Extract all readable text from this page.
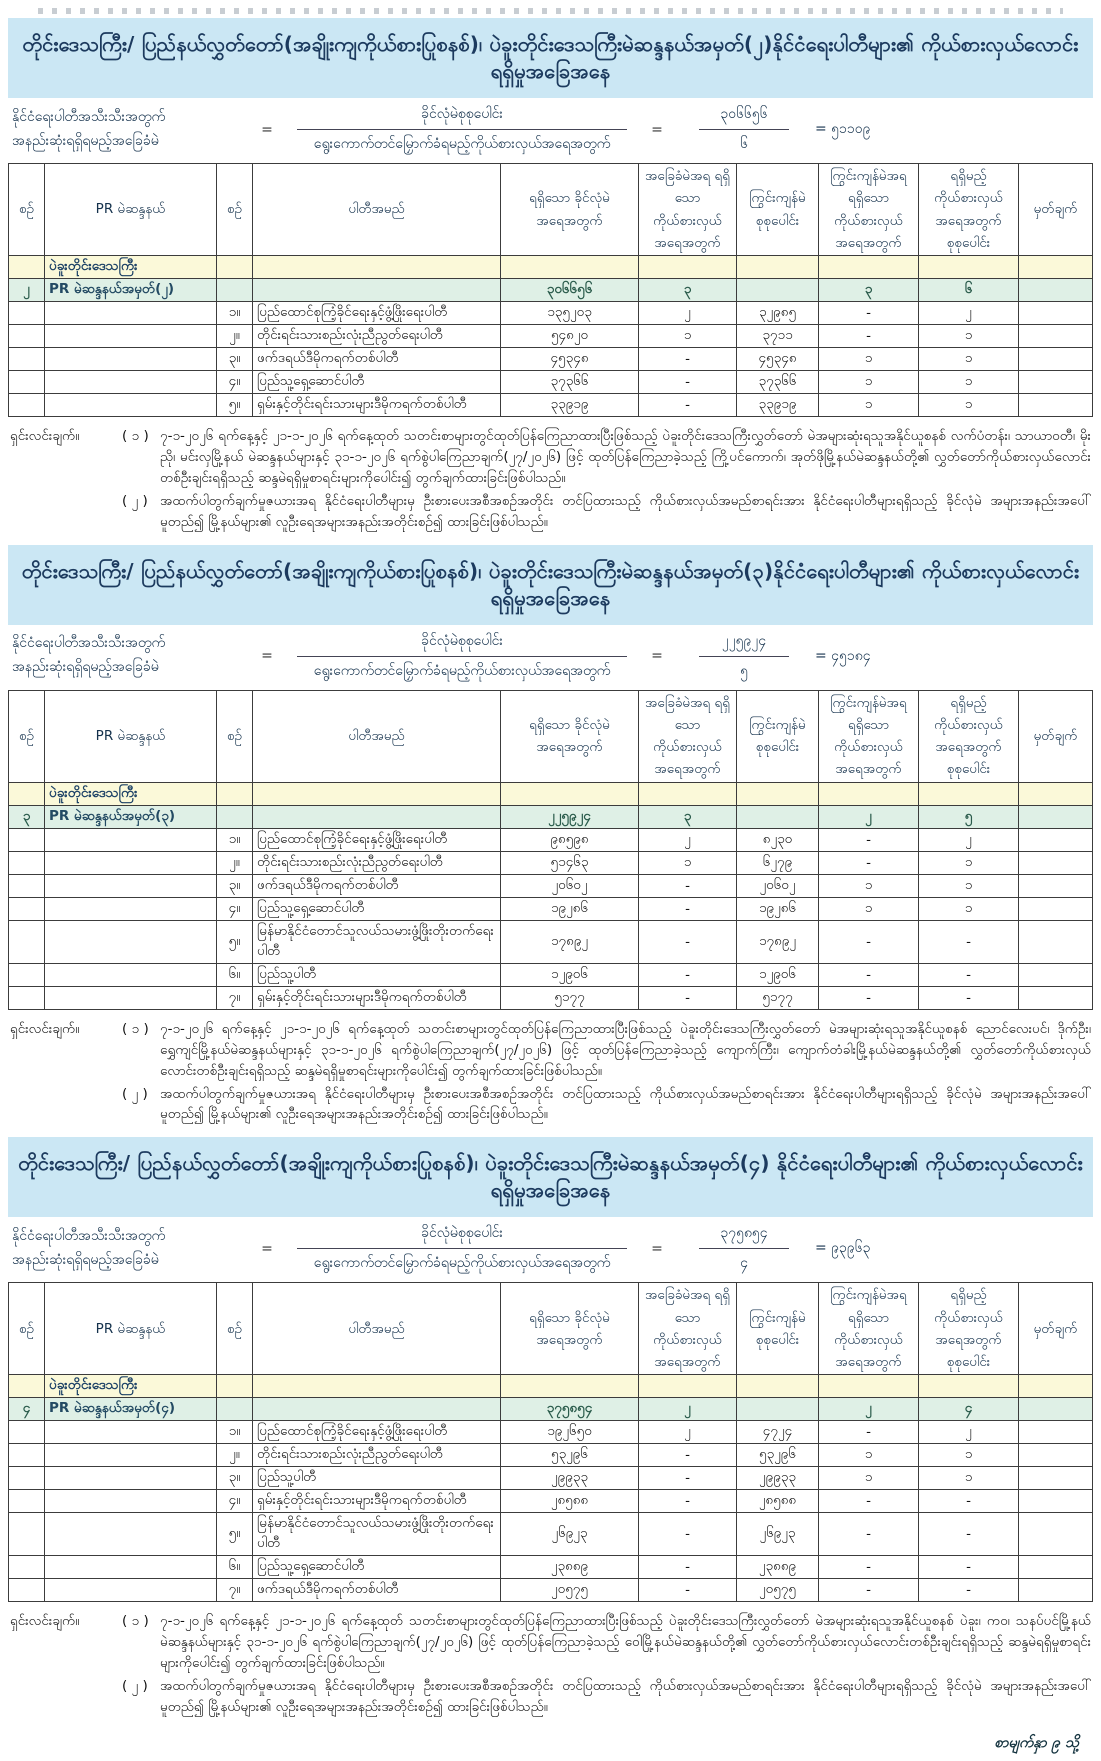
တိုင်းဒေသကြီး/ ပြည်နယ်လွှတ်တော်(အချိုးကျကိုယ်စားပြုစနစ်)၊ ပဲခူးတိုင်းဒေသကြီးမဲဆန္ဒနယ်အမှတ်(၂)နိုင်ငံရေးပါတီများ၏ ကိုယ်စားလှယ်လောင်းရရှိမှုအခြေအနေ
နိုင်ငံရေးပါတီအသီးသီးအတွက်
အနည်းဆုံးရရှိရမည့်အခြေခံမဲ
=	$\frac{\text{ခိုင်လုံမဲစုစုပေါင်း}}{\text{ရွေးကောက်တင်မြှောက်ခံရမည့်ကိုယ်စားလှယ်အရေအတွက်}}$	=	$\frac{၃၀၆၆၅၆}{၆}$ = ၅၁၁၀၉
စဉ်	PR မဲဆန္ဒနယ်	စဉ်	ပါတီအမည်	ရရှိသော ခိုင်လုံမဲအရေအတွက်	အခြေခံမဲအရ ရရှိသော ကိုယ်စားလှယ် အရေအတွက်	ကြွင်းကျန်မဲ စုစုပေါင်း	ကြွင်းကျန်မဲအရ ရရှိသော ကိုယ်စားလှယ် အရေအတွက်	ရရှိမည့် ကိုယ်စားလှယ် အရေအတွက် စုစုပေါင်း	မှတ်ချက်
	ပဲခူးတိုင်းဒေသကြီး								
၂	PR မဲဆန္ဒနယ်အမှတ်(၂)			၃၀၆၆၅၆	၃		၃	၆	
		၁။	ပြည်ထောင်စုကြံ့ခိုင်ရေးနှင့်ဖွံ့ဖြိုးရေးပါတီ	၁၃၅၂၀၃	၂	၃၂၉၈၅	-	၂	
		၂။	တိုင်းရင်းသားစည်းလုံးညီညွတ်ရေးပါတီ	၅၄၈၂၀	၁	၃၇၁၁	-	၁	
		၃။	ဖက်ဒရယ်ဒီမိုကရက်တစ်ပါတီ	၄၅၃၄၈	-	၄၅၃၄၈	၁	၁	
		၄။	ပြည်သူ့ရှေ့ဆောင်ပါတီ	၃၇၃၆၆	-	၃၇၃၆၆	၁	၁	
		၅။	ရှမ်းနှင့်တိုင်းရင်းသားများဒီမိုကရက်တစ်ပါတီ	၃၃၉၁၉	-	၃၃၉၁၉	၁	၁	
ရှင်းလင်းချက်။	( ၁ ) ၇-၁-၂၀၂၆ ရက်နေ့နှင့် ၂၁-၁-၂၀၂၆ ရက်နေ့ထုတ် သတင်းစာများတွင်ထုတ်ပြန်ကြေညာထားပြီးဖြစ်သည့် ပဲခူးတိုင်းဒေသကြီးလွှတ်တော် မဲအများဆုံးရသူအနိုင်ယူစနစ် လက်ပံတန်း၊ သာယာဝတီ၊ မိုးညို၊ မင်းလှမြို့နယ် မဲဆန္ဒနယ်များနှင့် ၃၁-၁-၂၀၂၆ ရက်စွဲပါကြေညာချက်(၂၇/၂၀၂၆) ဖြင့် ထုတ်ပြန်ကြေညာခဲ့သည့် ကြို့ပင်ကောက်၊ အုတ်ဖိုမြို့နယ်မဲဆန္ဒနယ်တို့၏ လွှတ်တော်ကိုယ်စားလှယ်လောင်းတစ်ဦးချင်းရရှိသည့် ဆန္ဒမဲရရှိမှုစာရင်းများကိုပေါင်း၍ တွက်ချက်ထားခြင်းဖြစ်ပါသည်။
( ၂ ) အထက်ပါတွက်ချက်မှုဇယားအရ နိုင်ငံရေးပါတီများမှ ဦးစားပေးအစီအစဉ်အတိုင်း တင်ပြထားသည့် ကိုယ်စားလှယ်အမည်စာရင်းအား နိုင်ငံရေးပါတီများရရှိသည့် ခိုင်လုံမဲ အများအနည်းအပေါ် မူတည်၍ မြို့နယ်များ၏ လူဦးရေအများအနည်းအတိုင်းစဉ်၍ ထားခြင်းဖြစ်ပါသည်။
တိုင်းဒေသကြီး/ ပြည်နယ်လွှတ်တော်(အချိုးကျကိုယ်စားပြုစနစ်)၊ ပဲခူးတိုင်းဒေသကြီးမဲဆန္ဒနယ်အမှတ်(၃)နိုင်ငံရေးပါတီများ၏ ကိုယ်စားလှယ်လောင်းရရှိမှုအခြေအနေ
နိုင်ငံရေးပါတီအသီးသီးအတွက်
အနည်းဆုံးရရှိရမည့်အခြေခံမဲ
=	$\frac{\text{ခိုင်လုံမဲစုစုပေါင်း}}{\text{ရွေးကောက်တင်မြှောက်ခံရမည့်ကိုယ်စားလှယ်အရေအတွက်}}$	=	$\frac{၂၂၅၉၂၄}{၅}$ = ၄၅၁၈၄
စဉ်	PR မဲဆန္ဒနယ်	စဉ်	ပါတီအမည်	ရရှိသော ခိုင်လုံမဲအရေအတွက်	အခြေခံမဲအရ ရရှိသော ကိုယ်စားလှယ် အရေအတွက်	ကြွင်းကျန်မဲ စုစုပေါင်း	ကြွင်းကျန်မဲအရ ရရှိသော ကိုယ်စားလှယ် အရေအတွက်	ရရှိမည့် ကိုယ်စားလှယ် အရေအတွက် စုစုပေါင်း	မှတ်ချက်
	ပဲခူးတိုင်းဒေသကြီး								
၃	PR မဲဆန္ဒနယ်အမှတ်(၃)			၂၂၅၉၂၄	၃		၂	၅	
		၁။	ပြည်ထောင်စုကြံ့ခိုင်ရေးနှင့်ဖွံ့ဖြိုးရေးပါတီ	၉၈၅၉၈	၂	၈၂၃၀	-	၂	
		၂။	တိုင်းရင်းသားစည်းလုံးညီညွတ်ရေးပါတီ	၅၁၄၆၃	၁	၆၂၇၉	-	၁	
		၃။	ဖက်ဒရယ်ဒီမိုကရက်တစ်ပါတီ	၂၀၆၀၂	-	၂၀၆၀၂	၁	၁	
		၄။	ပြည်သူ့ရှေ့ဆောင်ပါတီ	၁၉၂၈၆	-	၁၉၂၈၆	၁	၁	
		၅။	မြန်မာနိုင်ငံတောင်သူလယ်သမားဖွံ့ဖြိုးတိုးတက်ရေးပါတီ	၁၇၈၉၂	-	၁၇၈၉၂	-	-	
		၆။	ပြည်သူ့ပါတီ	၁၂၉၀၆	-	၁၂၉၀၆	-	-	
		၇။	ရှမ်းနှင့်တိုင်းရင်းသားများဒီမိုကရက်တစ်ပါတီ	၅၁၇၇	-	၅၁၇၇	-	-	
ရှင်းလင်းချက်။	( ၁ ) ၇-၁-၂၀၂၆ ရက်နေ့နှင့် ၂၁-၁-၂၀၂၆ ရက်နေ့ထုတ် သတင်းစာများတွင်ထုတ်ပြန်ကြေညာထားပြီးဖြစ်သည့် ပဲခူးတိုင်းဒေသကြီးလွှတ်တော် မဲအများဆုံးရသူအနိုင်ယူစနစ် ညောင်လေးပင်၊ ဒိုက်ဦး၊ ရွှေကျင်မြို့နယ်မဲဆန္ဒနယ်များနှင့် ၃၁-၁-၂၀၂၆ ရက်စွဲပါကြေညာချက်(၂၇/၂၀၂၆) ဖြင့် ထုတ်ပြန်ကြေညာခဲ့သည့် ကျောက်ကြီး၊ ကျောက်တံခါးမြို့နယ်မဲဆန္ဒနယ်တို့၏ လွှတ်တော်ကိုယ်စားလှယ်လောင်းတစ်ဦးချင်းရရှိသည့် ဆန္ဒမဲရရှိမှုစာရင်းများကိုပေါင်း၍ တွက်ချက်ထားခြင်းဖြစ်ပါသည်။
( ၂ ) အထက်ပါတွက်ချက်မှုဇယားအရ နိုင်ငံရေးပါတီများမှ ဦးစားပေးအစီအစဉ်အတိုင်း တင်ပြထားသည့် ကိုယ်စားလှယ်အမည်စာရင်းအား နိုင်ငံရေးပါတီများရရှိသည့် ခိုင်လုံမဲ အများအနည်းအပေါ် မူတည်၍ မြို့နယ်များ၏ လူဦးရေအများအနည်းအတိုင်းစဉ်၍ ထားခြင်းဖြစ်ပါသည်။
တိုင်းဒေသကြီး/ ပြည်နယ်လွှတ်တော်(အချိုးကျကိုယ်စားပြုစနစ်)၊ ပဲခူးတိုင်းဒေသကြီးမဲဆန္ဒနယ်အမှတ်(၄) နိုင်ငံရေးပါတီများ၏ ကိုယ်စားလှယ်လောင်းရရှိမှုအခြေအနေ
နိုင်ငံရေးပါတီအသီးသီးအတွက်
အနည်းဆုံးရရှိရမည့်အခြေခံမဲ
=	$\frac{\text{ခိုင်လုံမဲစုစုပေါင်း}}{\text{ရွေးကောက်တင်မြှောက်ခံရမည့်ကိုယ်စားလှယ်အရေအတွက်}}$	=	$\frac{၃၇၅၈၅၄}{၄}$ = ၉၃၉၆၃
စဉ်	PR မဲဆန္ဒနယ်	စဉ်	ပါတီအမည်	ရရှိသော ခိုင်လုံမဲအရေအတွက်	အခြေခံမဲအရ ရရှိသော ကိုယ်စားလှယ် အရေအတွက်	ကြွင်းကျန်မဲ စုစုပေါင်း	ကြွင်းကျန်မဲအရ ရရှိသော ကိုယ်စားလှယ် အရေအတွက်	ရရှိမည့် ကိုယ်စားလှယ် အရေအတွက် စုစုပေါင်း	မှတ်ချက်
	ပဲခူးတိုင်းဒေသကြီး								
၄	PR မဲဆန္ဒနယ်အမှတ်(၄)			၃၇၅၈၅၄	၂		၂	၄	
		၁။	ပြည်ထောင်စုကြံ့ခိုင်ရေးနှင့်ဖွံ့ဖြိုးရေးပါတီ	၁၉၂၆၅၀	၂	၄၇၂၄	-	၂	
		၂။	တိုင်းရင်းသားစည်းလုံးညီညွတ်ရေးပါတီ	၅၃၂၉၆	-	၅၃၂၉၆	၁	၁	
		၃။	ပြည်သူ့ပါတီ	၂၉၉၃၃	-	၂၉၉၃၃	၁	၁	
		၄။	ရှမ်းနှင့်တိုင်းရင်းသားများဒီမိုကရက်တစ်ပါတီ	၂၈၅၈၈	-	၂၈၅၈၈	-	-	
		၅။	မြန်မာနိုင်ငံတောင်သူလယ်သမားဖွံ့ဖြိုးတိုးတက်ရေးပါတီ	၂၆၉၂၃	-	၂၆၉၂၃	-	-	
		၆။	ပြည်သူ့ရှေ့ဆောင်ပါတီ	၂၃၈၈၉	-	၂၃၈၈၉	-	-	
		၇။	ဖက်ဒရယ်ဒီမိုကရက်တစ်ပါတီ	၂၀၅၇၅	-	၂၀၅၇၅	-	-	
ရှင်းလင်းချက်။	( ၁ ) ၇-၁-၂၀၂၆ ရက်နေ့နှင့် ၂၁-၁-၂၀၂၆ ရက်နေ့ထုတ် သတင်းစာများတွင်ထုတ်ပြန်ကြေညာထားပြီးဖြစ်သည့် ပဲခူးတိုင်းဒေသကြီးလွှတ်တော် မဲအများဆုံးရသူအနိုင်ယူစနစ် ပဲခူး၊ ကဝ၊ သနပ်ပင်မြို့နယ်မဲဆန္ဒနယ်များနှင့် ၃၁-၁-၂၀၂၆ ရက်စွဲပါကြေညာချက်(၂၇/၂၀၂၆) ဖြင့် ထုတ်ပြန်ကြေညာခဲ့သည့် ဝေါမြို့နယ်မဲဆန္ဒနယ်တို့၏ လွှတ်တော်ကိုယ်စားလှယ်လောင်းတစ်ဦးချင်းရရှိသည့် ဆန္ဒမဲရရှိမှုစာရင်းများကိုပေါင်း၍ တွက်ချက်ထားခြင်းဖြစ်ပါသည်။
( ၂ ) အထက်ပါတွက်ချက်မှုဇယားအရ နိုင်ငံရေးပါတီများမှ ဦးစားပေးအစီအစဉ်အတိုင်း တင်ပြထားသည့် ကိုယ်စားလှယ်အမည်စာရင်းအား နိုင်ငံရေးပါတီများရရှိသည့် ခိုင်လုံမဲ အများအနည်းအပေါ် မူတည်၍ မြို့နယ်များ၏ လူဦးရေအများအနည်းအတိုင်းစဉ်၍ ထားခြင်းဖြစ်ပါသည်။
စာမျက်နှာ ၉ သို့
